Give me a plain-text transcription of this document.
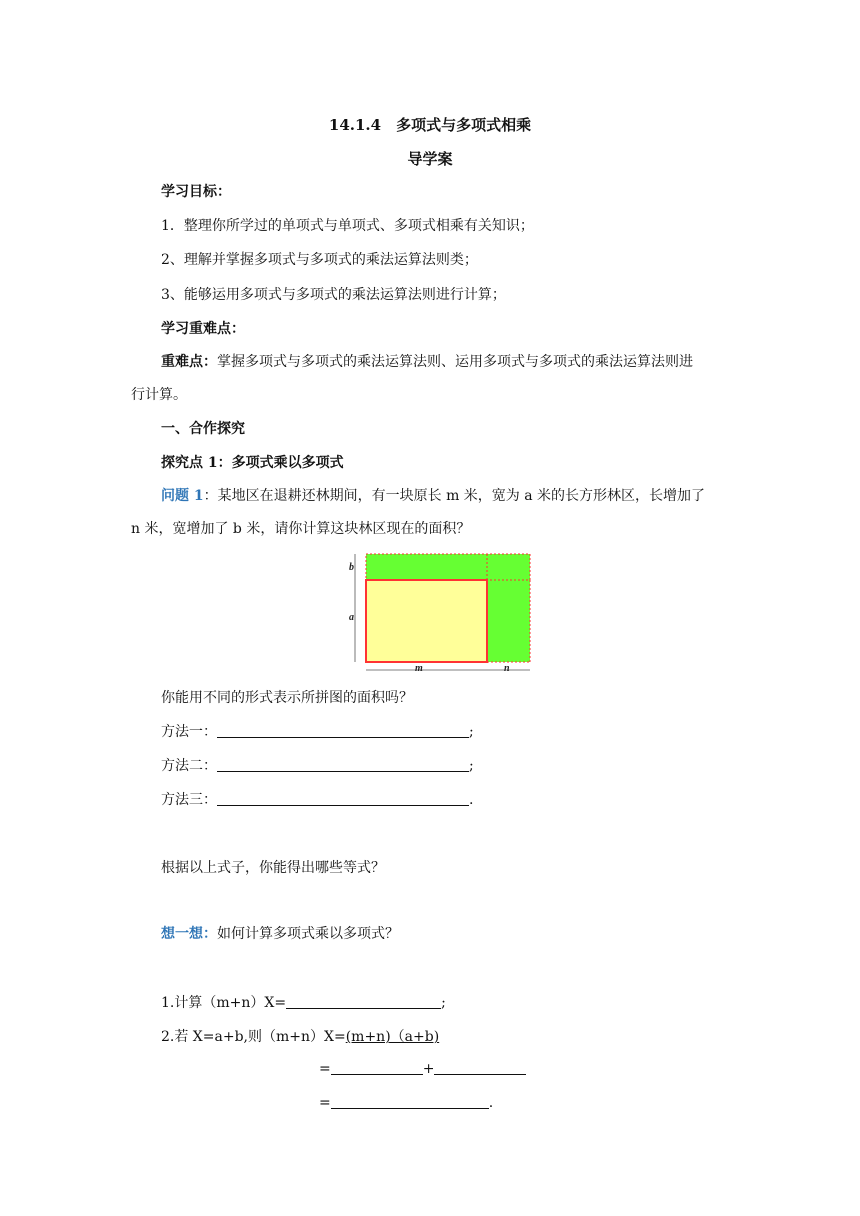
14.1.4　多项式与多项式相乘
导学案
学习目标：
1．整理你所学过的单项式与单项式、多项式相乘有关知识；
2、理解并掌握多项式与多项式的乘法运算法则类；
3、能够运用多项式与多项式的乘法运算法则进行计算；
学习重难点：
重难点：掌握多项式与多项式的乘法运算法则、运用多项式与多项式的乘法运算法则进
行计算。
一、合作探究
探究点 1：多项式乘以多项式
问题 1：某地区在退耕还林期间，有一块原长 m 米，宽为 a 米的长方形林区，长增加了
n 米，宽增加了 b 米，请你计算这块林区现在的面积？
b
a
m	n
你能用不同的形式表示所拼图的面积吗？
方法一：	;
方法二：	;
方法三：	.
根据以上式子，你能得出哪些等式？
想一想：如何计算多项式乘以多项式？
1.计算（m+n）X=	;
2.若 X=a+b,则（m+n）X=(m+n)（a+b)
=	+
=	.
